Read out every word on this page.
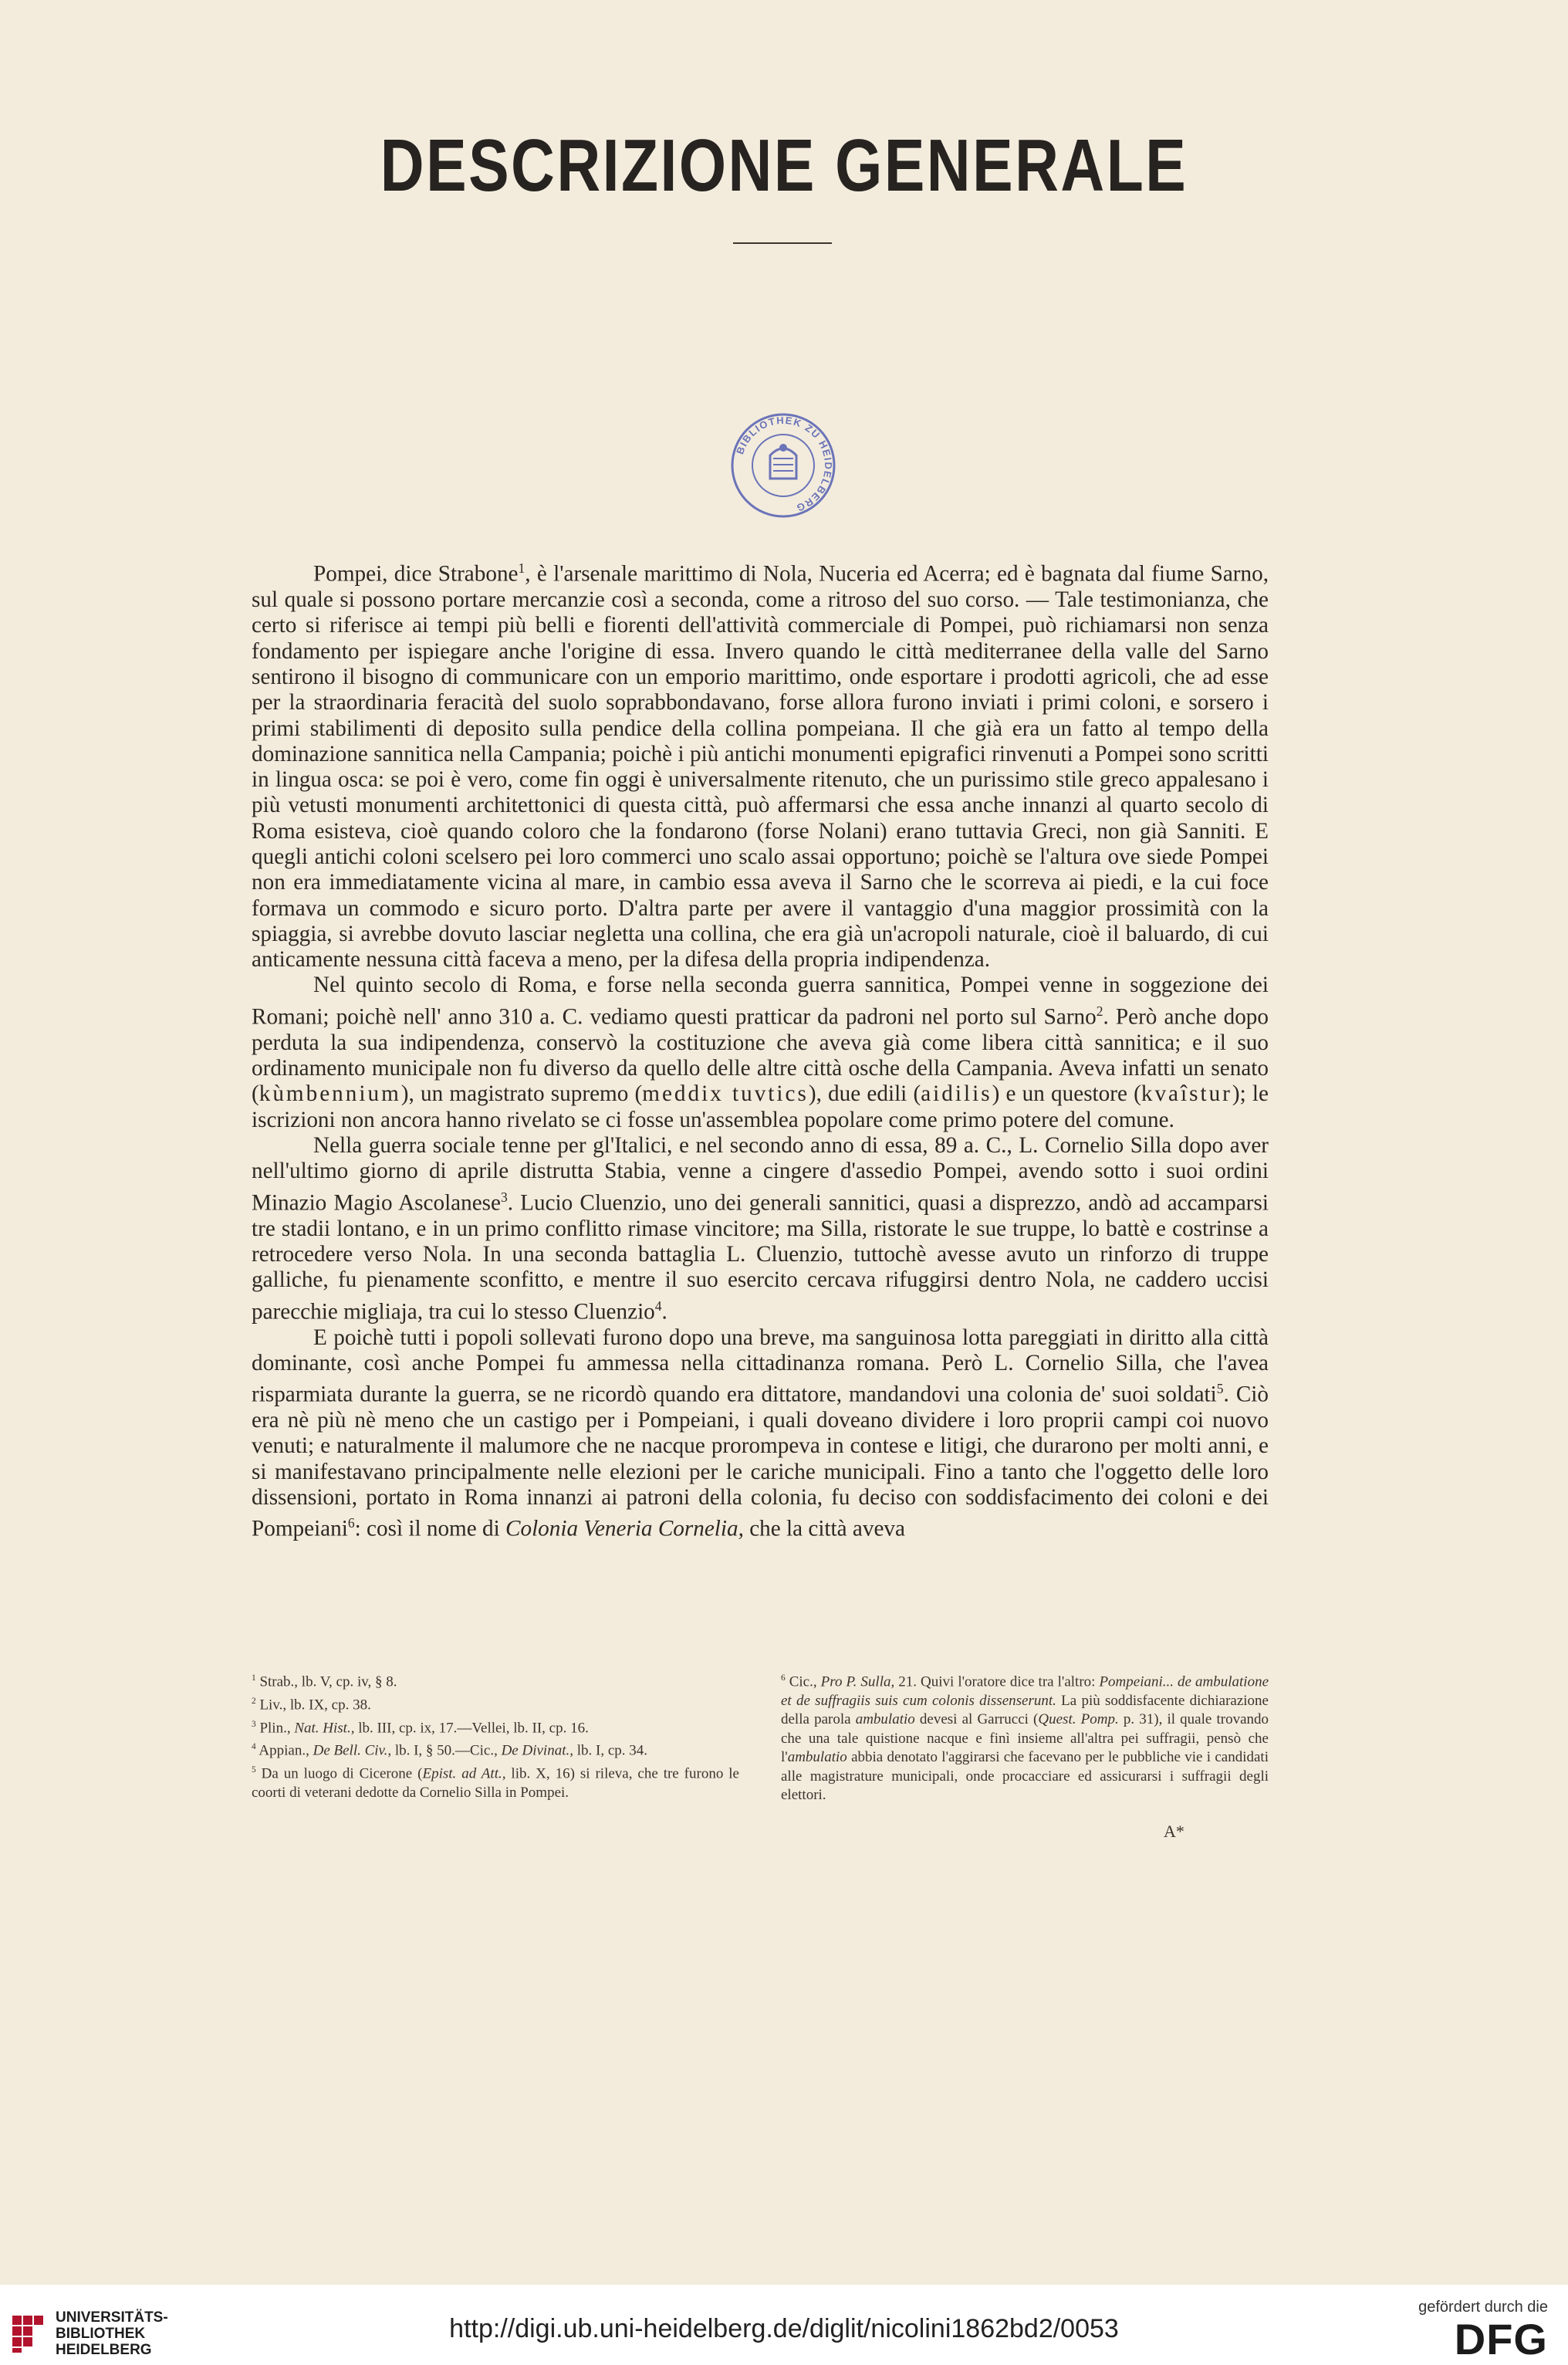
DESCRIZIONE GENERALE
BIBLIOTHEK ZU HEIDELBERG

Pompei, dice Strabone$^1$, è l'arsenale marittimo di Nola, Nuceria ed Acerra; ed è bagnata dal fiume Sarno, sul quale si possono portare mercanzie così a seconda, come a ritroso del suo corso. — Tale testimonianza, che certo si riferisce ai tempi più belli e fiorenti dell'attività commerciale di Pompei, può richiamarsi non senza fondamento per ispiegare anche l'origine di essa. Invero quando le città mediterranee della valle del Sarno sentirono il bisogno di communicare con un emporio marittimo, onde esportare i prodotti agricoli, che ad esse per la straordinaria feracità del suolo soprabbondavano, forse allora furono inviati i primi coloni, e sorsero i primi stabilimenti di deposito sulla pendice della collina pompeiana. Il che già era un fatto al tempo della dominazione sannitica nella Campania; poichè i più antichi monumenti epigrafici rinvenuti a Pompei sono scritti in lingua osca: se poi è vero, come fin oggi è universalmente ritenuto, che un purissimo stile greco appalesano i più vetusti monumenti architettonici di questa città, può affermarsi che essa anche innanzi al quarto secolo di Roma esisteva, cioè quando coloro che la fondarono (forse Nolani) erano tuttavia Greci, non già Sanniti. E quegli antichi coloni scelsero pei loro commerci uno scalo assai opportuno; poichè se l'altura ove siede Pompei non era immediatamente vicina al mare, in cambio essa aveva il Sarno che le scorreva ai piedi, e la cui foce formava un commodo e sicuro porto. D'altra parte per avere il vantaggio d'una maggior prossimità con la spiaggia, si avrebbe dovuto lasciar negletta una collina, che era già un'acropoli naturale, cioè il baluardo, di cui anticamente nessuna città faceva a meno, per la difesa della propria indipendenza.

Nel quinto secolo di Roma, e forse nella seconda guerra sannitica, Pompei venne in soggezione dei Romani; poichè nell' anno 310 a. C. vediamo questi pratticar da padroni nel porto sul Sarno$^2$. Però anche dopo perduta la sua indipendenza, conservò la costituzione che aveva già come libera città sannitica; e il suo ordinamento municipale non fu diverso da quello delle altre città osche della Campania. Aveva infatti un senato (kùmbennium), un magistrato supremo (meddix tuvtics), due edili (aidilis) e un questore (kvaîstur); le iscrizioni non ancora hanno rivelato se ci fosse un'assemblea popolare come primo potere del comune.

Nella guerra sociale tenne per gl'Italici, e nel secondo anno di essa, 89 a. C., L. Cornelio Silla dopo aver nell'ultimo giorno di aprile distrutta Stabia, venne a cingere d'assedio Pompei, avendo sotto i suoi ordini Minazio Magio Ascolanese$^3$. Lucio Cluenzio, uno dei generali sannitici, quasi a disprezzo, andò ad accamparsi tre stadii lontano, e in un primo conflitto rimase vincitore; ma Silla, ristorate le sue truppe, lo battè e costrinse a retrocedere verso Nola. In una seconda battaglia L. Cluenzio, tuttochè avesse avuto un rinforzo di truppe galliche, fu pienamente sconfitto, e mentre il suo esercito cercava rifuggirsi dentro Nola, ne caddero uccisi parecchie migliaja, tra cui lo stesso Cluenzio$^4$.

E poichè tutti i popoli sollevati furono dopo una breve, ma sanguinosa lotta pareggiati in diritto alla città dominante, così anche Pompei fu ammessa nella cittadinanza romana. Però L. Cornelio Silla, che l'avea risparmiata durante la guerra, se ne ricordò quando era dittatore, mandandovi una colonia de' suoi soldati$^5$. Ciò era nè più nè meno che un castigo per i Pompeiani, i quali doveano dividere i loro proprii campi coi nuovo venuti; e naturalmente il malumore che ne nacque prorompeva in contese e litigi, che durarono per molti anni, e si manifestavano principalmente nelle elezioni per le cariche municipali. Fino a tanto che l'oggetto delle loro dissensioni, portato in Roma innanzi ai patroni della colonia, fu deciso con soddisfacimento dei coloni e dei Pompeiani$^6$: così il nome di Colonia Veneria Cornelia, che la città aveva

$^1$ Strab., lb. V, cp. iv, § 8.

$^2$ Liv., lb. IX, cp. 38.

$^3$ Plin., Nat. Hist., lb. III, cp. ix, 17.—Vellei, lb. II, cp. 16.

$^4$ Appian., De Bell. Civ., lb. I, § 50.—Cic., De Divinat., lb. I, cp. 34.

$^5$ Da un luogo di Cicerone (Epist. ad Att., lib. X, 16) si rileva, che tre furono le coorti di veterani dedotte da Cornelio Silla in Pompei.

$^6$ Cic., Pro P. Sulla, 21. Quivi l'oratore dice tra l'altro: Pompeiani... de ambulatione et de suffragiis suis cum colonis dissenserunt. La più soddisfacente dichiarazione della parola ambulatio devesi al Garrucci (Quest. Pomp. p. 31), il quale trovando che una tale quistione nacque e finì insieme all'altra pei suffragii, pensò che l'ambulatio abbia denotato l'aggirarsi che facevano per le pubbliche vie i candidati alle magistrature municipali, onde procacciare ed assicurarsi i suffragii degli elettori.

A*
UNIVERSITÄTS-
BIBLIOTHEK
HEIDELBERG
http://digi.ub.uni-heidelberg.de/diglit/nicolini1862bd2/0053
gefördert durch die
DFG
